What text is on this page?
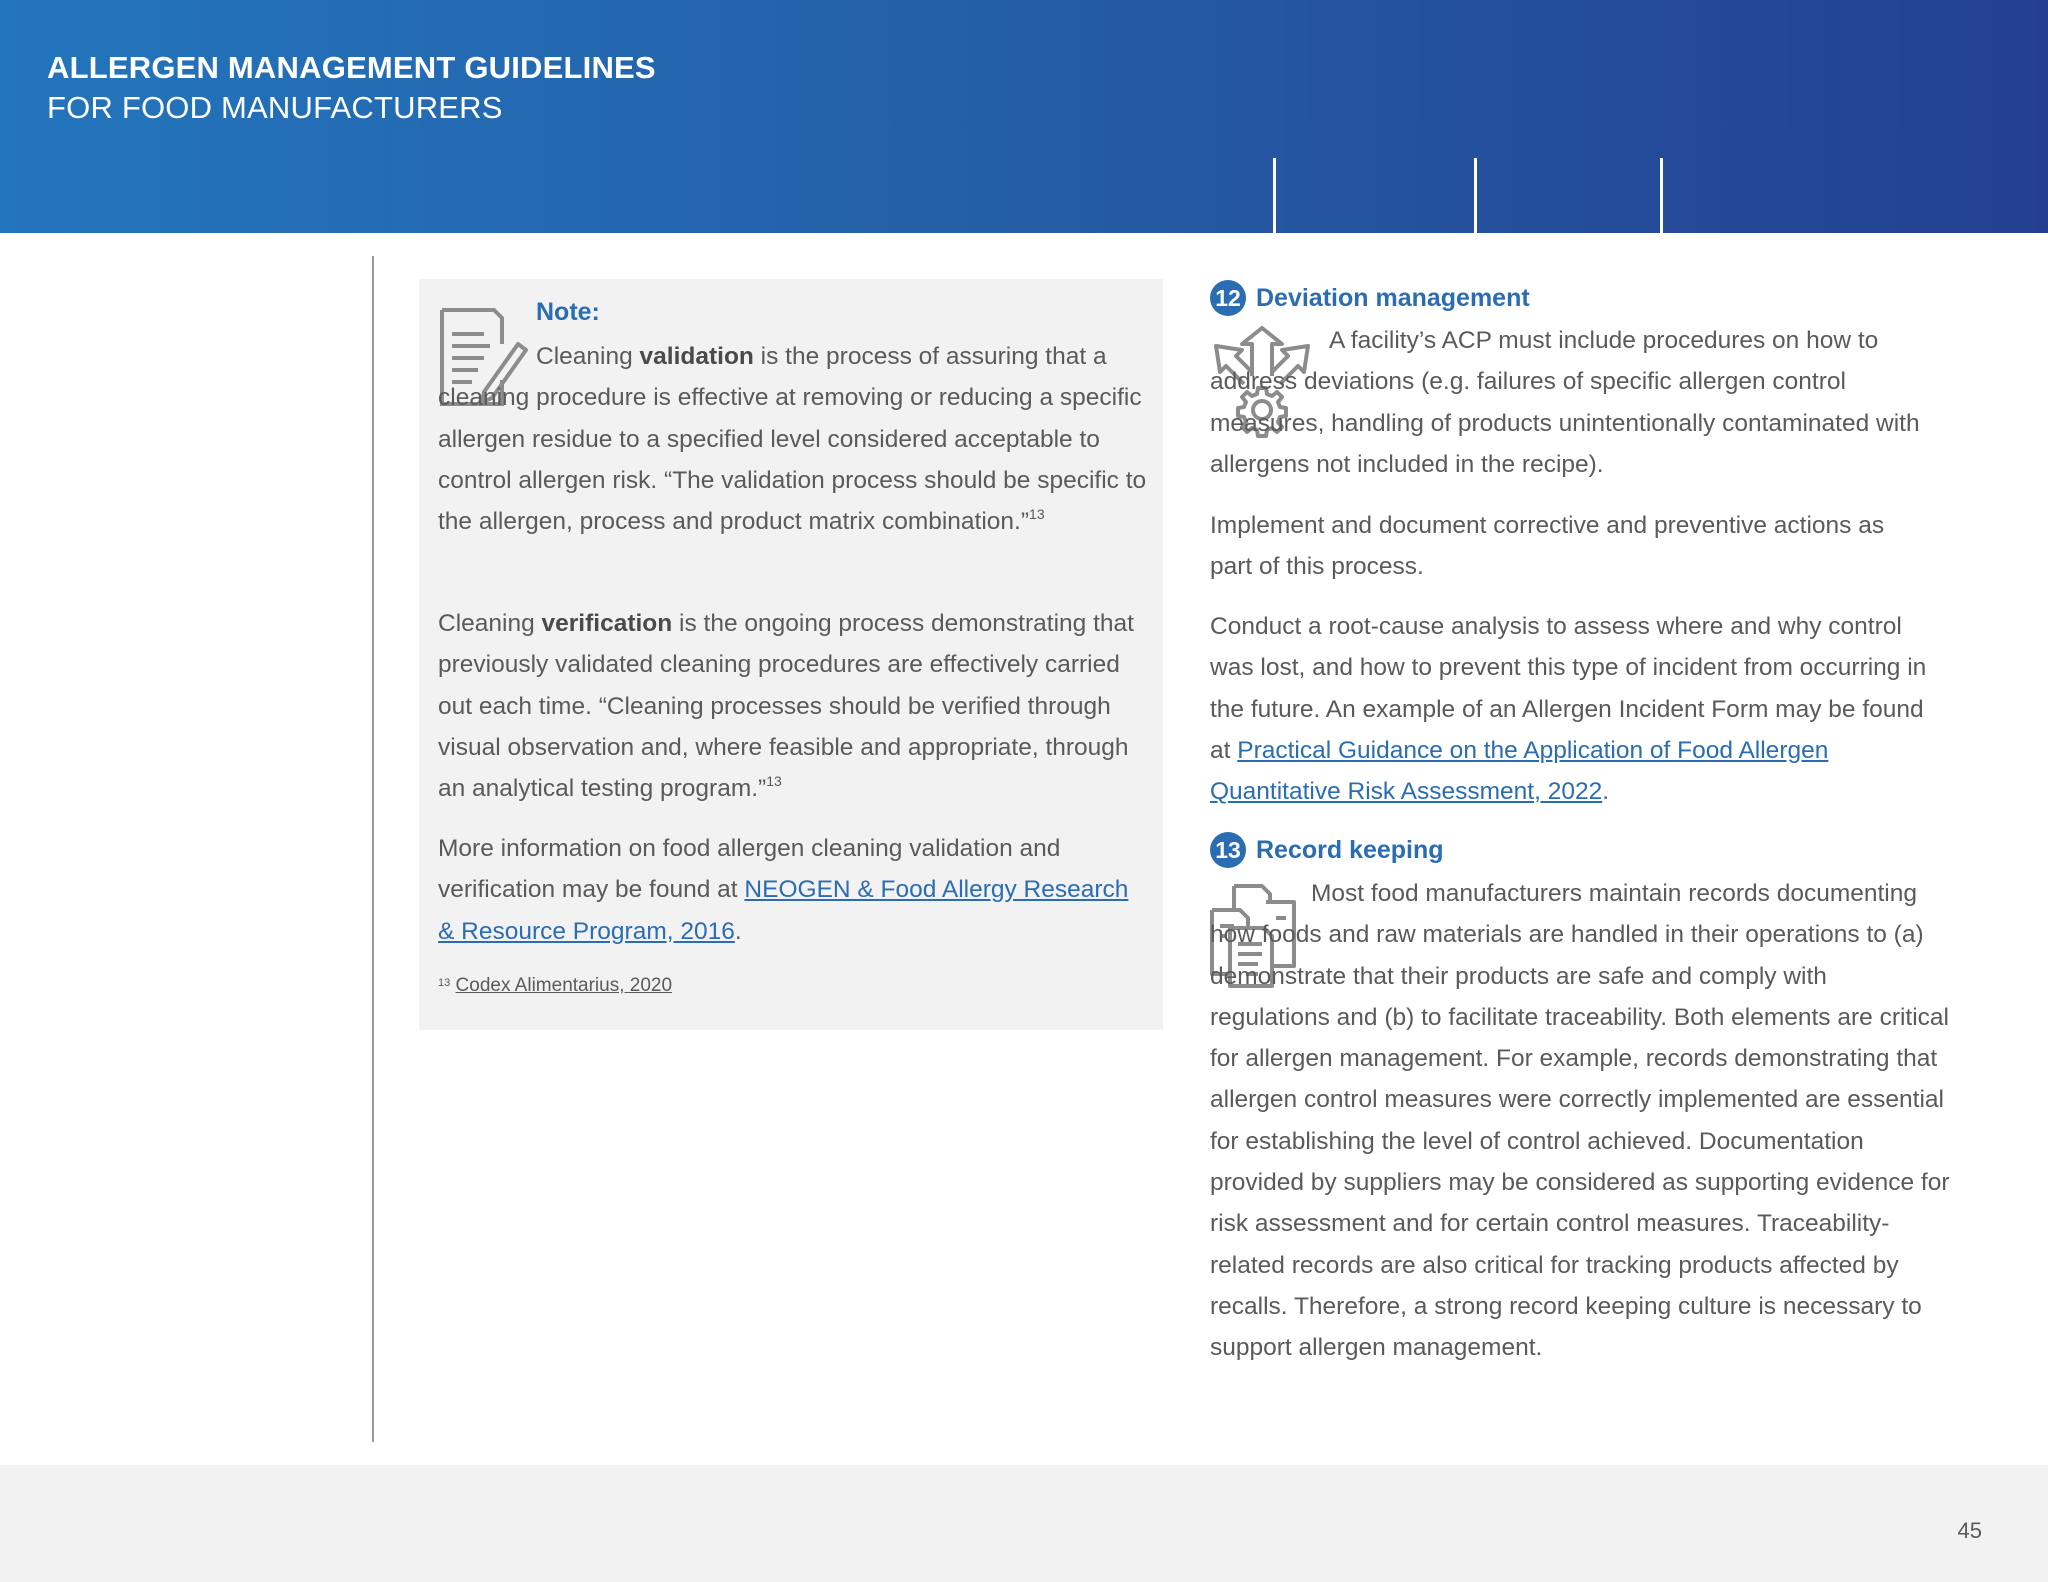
ALLERGEN MANAGEMENT GUIDELINES
FOR FOOD MANUFACTURERS
Note:

Cleaning validation is the process of assuring that a cleaning procedure is effective at removing or reducing a specific allergen residue to a specified level considered acceptable to control allergen risk. “The validation process should be specific to the allergen, process and product matrix combination.”$^{13}$

Cleaning verification is the ongoing process demonstrating that previously validated cleaning procedures are effectively carried out each time. “Cleaning processes should be verified through visual observation and, where feasible and appropriate, through an analytical testing program.”$^{13}$

More information on food allergen cleaning validation and verification may be found at NEOGEN & Food Allergy Research & Resource Program, 2016.

$^{13}$ Codex Alimentarius, 2020
12 Deviation management

A facility’s ACP must include procedures on how to address deviations (e.g. failures of specific allergen control measures, handling of products unintentionally contaminated with allergens not included in the recipe).

Implement and document corrective and preventive actions as part of this process.

Conduct a root-cause analysis to assess where and why control was lost, and how to prevent this type of incident from occurring in the future. An example of an Allergen Incident Form may be found at Practical Guidance on the Application of Food Allergen Quantitative Risk Assessment, 2022.

13 Record keeping

Most food manufacturers maintain records documenting how foods and raw materials are handled in their operations to (a) demonstrate that their products are safe and comply with regulations and (b) to facilitate traceability. Both elements are critical for allergen management. For example, records demonstrating that allergen control measures were correctly implemented are essential for establishing the level of control achieved. Documentation provided by suppliers may be considered as supporting evidence for risk assessment and for certain control measures. Traceability-related records are also critical for tracking products affected by recalls. Therefore, a strong record keeping culture is necessary to support allergen management.

45
